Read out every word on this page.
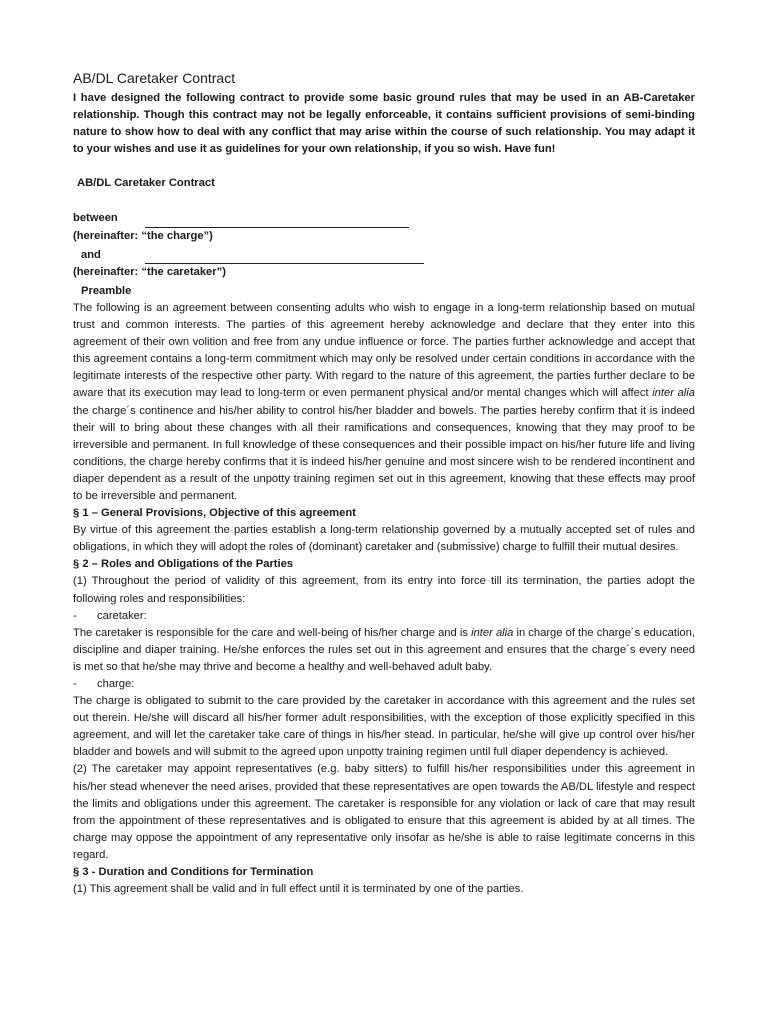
AB/DL Caretaker Contract

I have designed the following contract to provide some basic ground rules that may be used in an AB-Caretaker relationship. Though this contract may not be legally enforceable, it contains sufficient provisions of semi-binding nature to show how to deal with any conflict that may arise within the course of such relationship. You may adapt it to your wishes and use it as guidelines for your own relationship, if you so wish. Have fun!

AB/DL Caretaker Contract
between
(hereinafter: “the charge”)
and
(hereinafter: “the caretaker”)
Preamble

The following is an agreement between consenting adults who wish to engage in a long-term relationship based on mutual trust and common interests. The parties of this agreement hereby acknowledge and declare that they enter into this agreement of their own volition and free from any undue influence or force. The parties further acknowledge and accept that this agreement contains a long-term commitment which may only be resolved under certain conditions in accordance with the legitimate interests of the respective other party. With regard to the nature of this agreement, the parties further declare to be aware that its execution may lead to long-term or even permanent physical and/or mental changes which will affect inter alia the charge´s continence and his/her ability to control his/her bladder and bowels. The parties hereby confirm that it is indeed their will to bring about these changes with all their ramifications and consequences, knowing that they may proof to be irreversible and permanent. In full knowledge of these consequences and their possible impact on his/her future life and living conditions, the charge hereby confirms that it is indeed his/her genuine and most sincere wish to be rendered incontinent and diaper dependent as a result of the unpotty training regimen set out in this agreement, knowing that these effects may proof to be irreversible and permanent.

§ 1 – General Provisions, Objective of this agreement

By virtue of this agreement the parties establish a long-term relationship governed by a mutually accepted set of rules and obligations, in which they will adopt the roles of (dominant) caretaker and (submissive) charge to fulfill their mutual desires.

§ 2 – Roles and Obligations of the Parties

(1) Throughout the period of validity of this agreement, from its entry into force till its termination, the parties adopt the following roles and responsibilities:

-	caretaker:

The caretaker is responsible for the care and well-being of his/her charge and is inter alia in charge of the charge´s education, discipline and diaper training. He/she enforces the rules set out in this agreement and ensures that the charge´s every need is met so that he/she may thrive and become a healthy and well-behaved adult baby.

-	charge:

The charge is obligated to submit to the care provided by the caretaker in accordance with this agreement and the rules set out therein. He/she will discard all his/her former adult responsibilities, with the exception of those explicitly specified in this agreement, and will let the caretaker take care of things in his/her stead. In particular, he/she will give up control over his/her bladder and bowels and will submit to the agreed upon unpotty training regimen until full diaper dependency is achieved.

(2) The caretaker may appoint representatives (e.g. baby sitters) to fulfill his/her responsibilities under this agreement in his/her stead whenever the need arises, provided that these representatives are open towards the AB/DL lifestyle and respect the limits and obligations under this agreement. The caretaker is responsible for any violation or lack of care that may result from the appointment of these representatives and is obligated to ensure that this agreement is abided by at all times. The charge may oppose the appointment of any representative only insofar as he/she is able to raise legitimate concerns in this regard.

§ 3 - Duration and Conditions for Termination

(1) This agreement shall be valid and in full effect until it is terminated by one of the parties.
